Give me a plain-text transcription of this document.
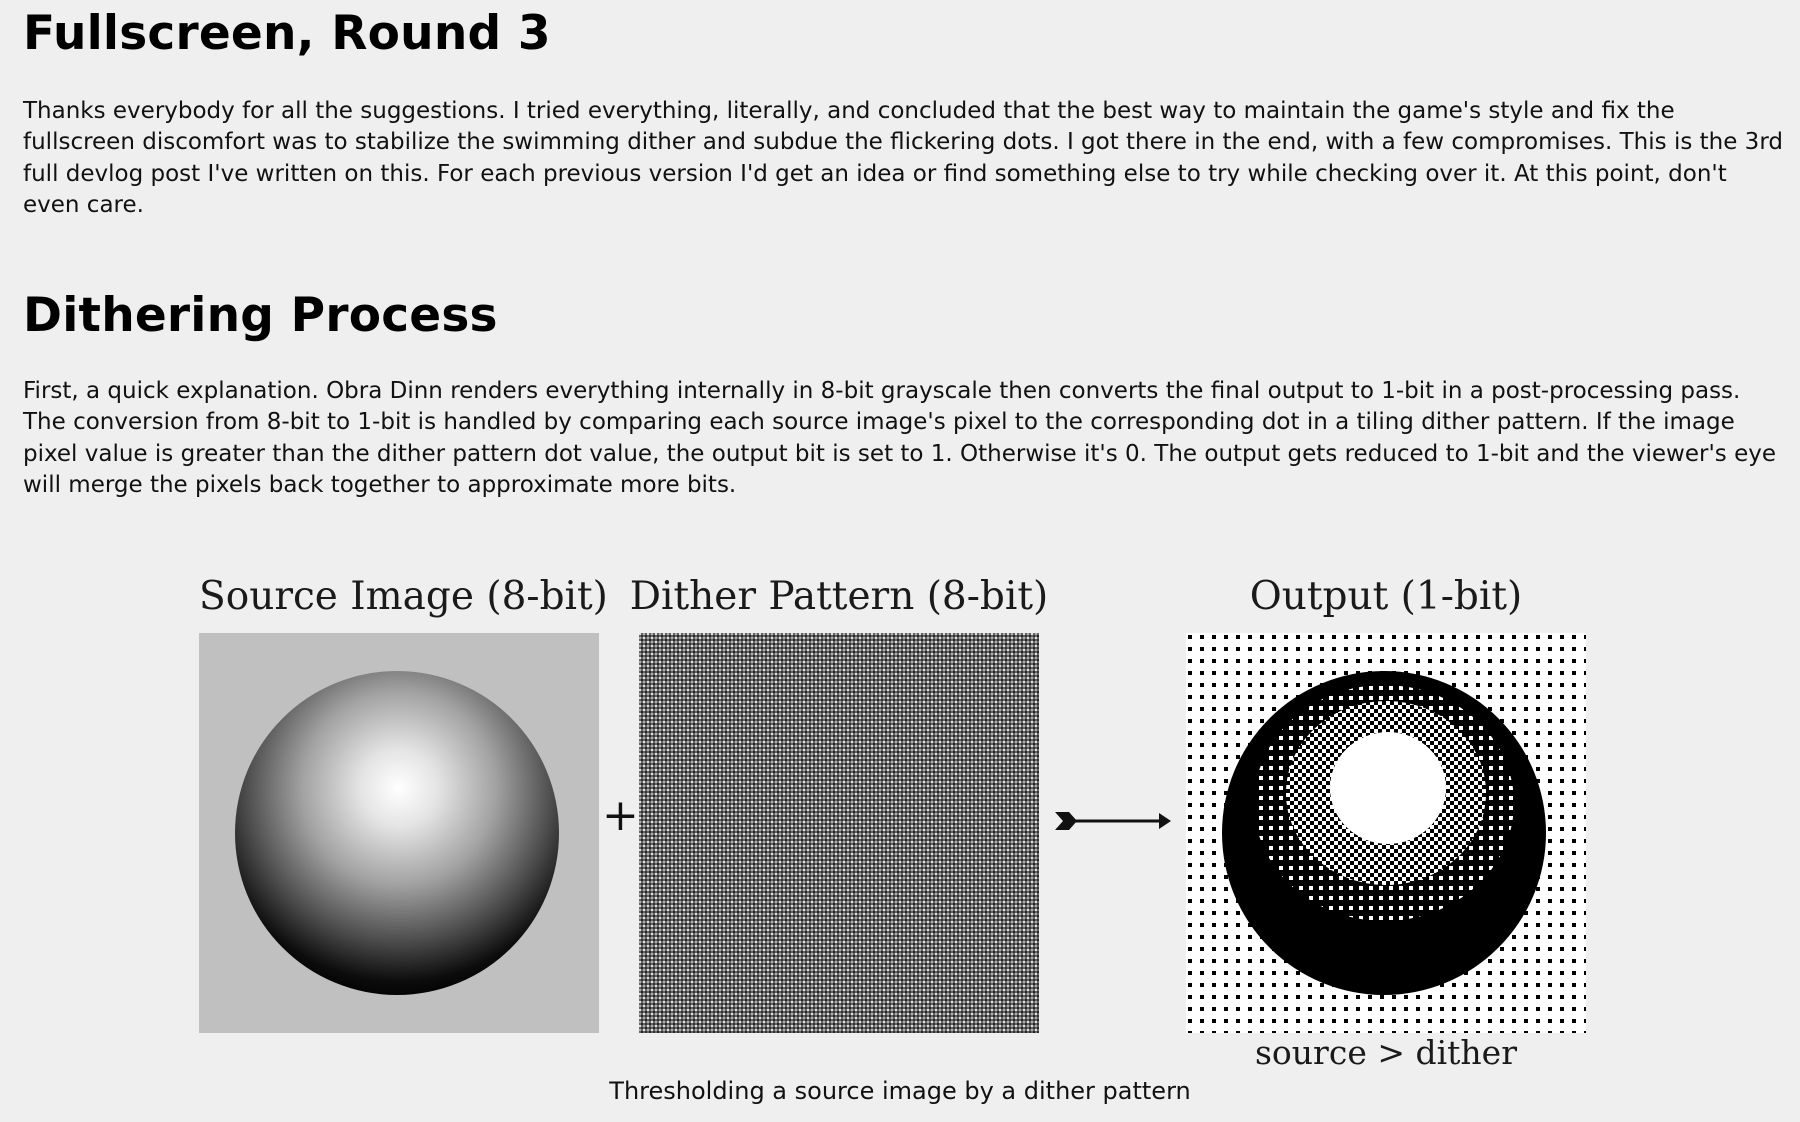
Fullscreen, Round 3

Thanks everybody for all the suggestions. I tried everything, literally, and concluded that the best way to maintain the game's style and fix the fullscreen discomfort was to stabilize the swimming dither and subdue the flickering dots. I got there in the end, with a few compromises. This is the 3rd full devlog post I've written on this. For each previous version I'd get an idea or find something else to try while checking over it. At this point, don't even care.

Dithering Process

First, a quick explanation. Obra Dinn renders everything internally in 8-bit grayscale then converts the final output to 1-bit in a post-processing pass. The conversion from 8-bit to 1-bit is handled by comparing each source image's pixel to the corresponding dot in a tiling dither pattern. If the image pixel value is greater than the dither pattern dot value, the output bit is set to 1. Otherwise it's 0. The output gets reduced to 1-bit and the viewer's eye will merge the pixels back together to approximate more bits.

Source Image (8-bit) Dither Pattern (8-bit)	Output (1-bit)
+
source > dither
Thresholding a source image by a dither pattern
